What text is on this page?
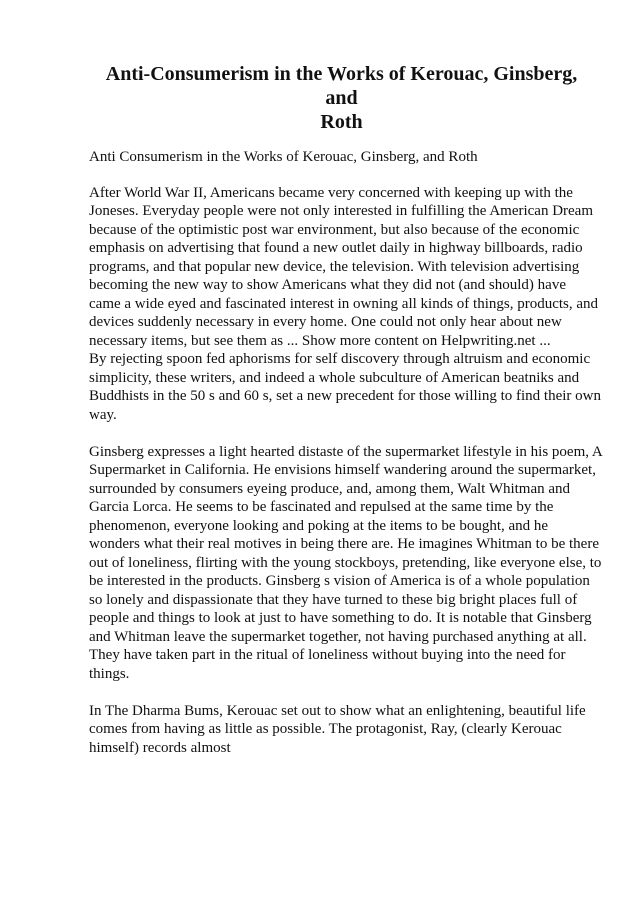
Anti-Consumerism in the Works of Kerouac, Ginsberg, and
Roth
Anti Consumerism in the Works of Kerouac, Ginsberg, and Roth
After World War II, Americans became very concerned with keeping up with the
Joneses. Everyday people were not only interested in fulfilling the American Dream
because of the optimistic post war environment, but also because of the economic
emphasis on advertising that found a new outlet daily in highway billboards, radio
programs, and that popular new device, the television. With television advertising
becoming the new way to show Americans what they did not (and should) have
came a wide eyed and fascinated interest in owning all kinds of things, products, and
devices suddenly necessary in every home. One could not only hear about new
necessary items, but see them as ... Show more content on Helpwriting.net ...
By rejecting spoon fed aphorisms for self discovery through altruism and economic
simplicity, these writers, and indeed a whole subculture of American beatniks and
Buddhists in the 50 s and 60 s, set a new precedent for those willing to find their own
way.
Ginsberg expresses a light hearted distaste of the supermarket lifestyle in his poem, A
Supermarket in California. He envisions himself wandering around the supermarket,
surrounded by consumers eyeing produce, and, among them, Walt Whitman and
Garcia Lorca. He seems to be fascinated and repulsed at the same time by the
phenomenon, everyone looking and poking at the items to be bought, and he
wonders what their real motives in being there are. He imagines Whitman to be there
out of loneliness, flirting with the young stockboys, pretending, like everyone else, to
be interested in the products. Ginsberg s vision of America is of a whole population
so lonely and dispassionate that they have turned to these big bright places full of
people and things to look at just to have something to do. It is notable that Ginsberg
and Whitman leave the supermarket together, not having purchased anything at all.
They have taken part in the ritual of loneliness without buying into the need for
things.
In The Dharma Bums, Kerouac set out to show what an enlightening, beautiful life
comes from having as little as possible. The protagonist, Ray, (clearly Kerouac
himself) records almost
